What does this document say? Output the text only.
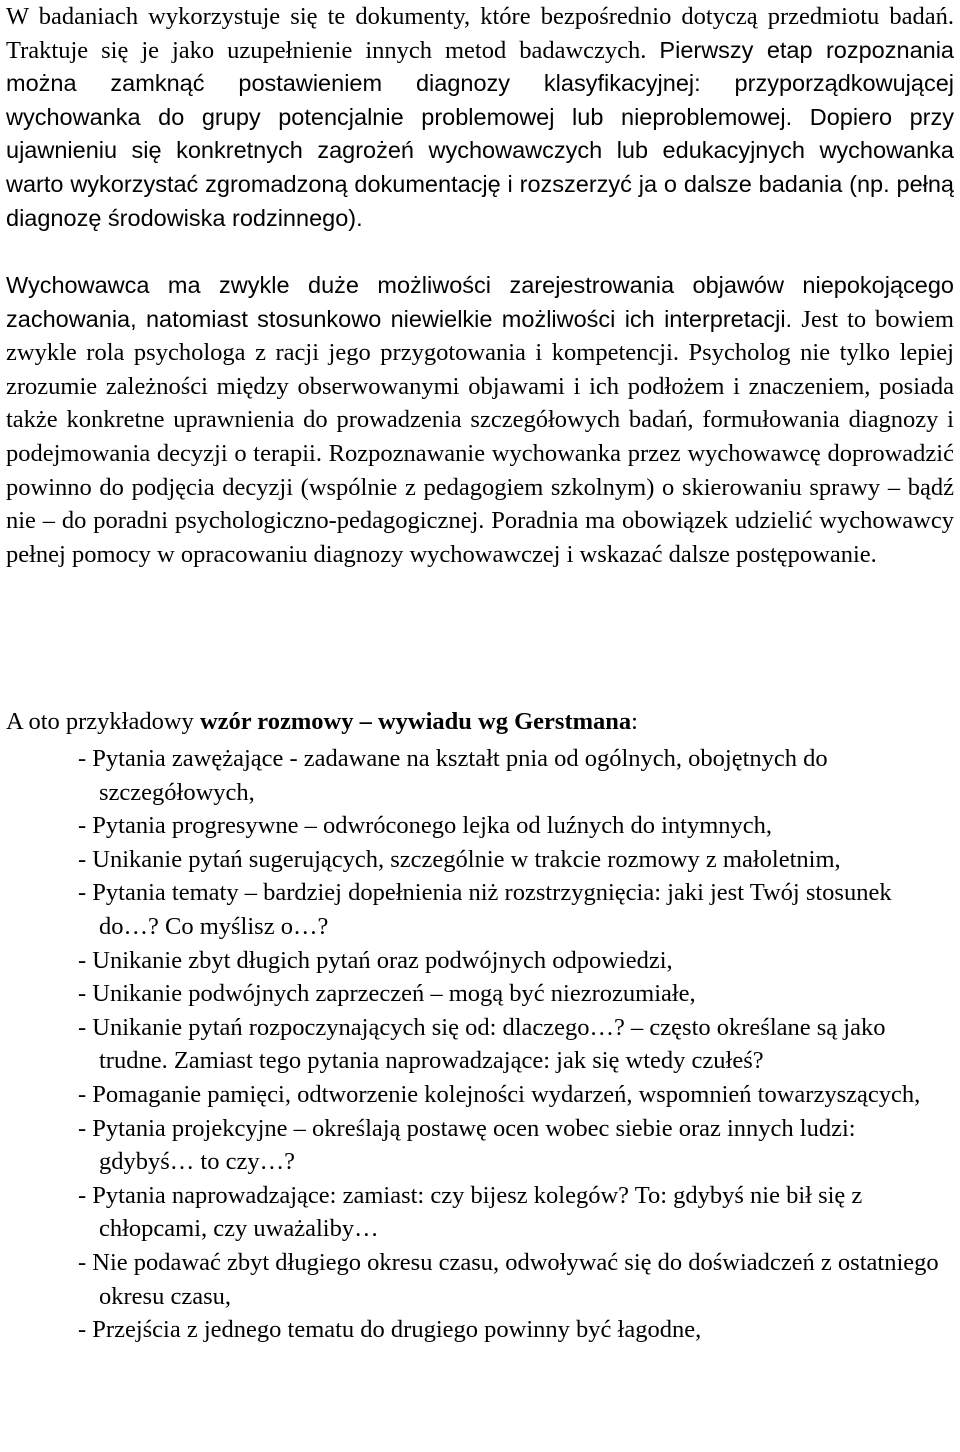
W badaniach wykorzystuje się te dokumenty, które bezpośrednio dotyczą przedmiotu badań. Traktuje się je jako uzupełnienie innych metod badawczych. Pierwszy etap rozpoznania można zamknąć postawieniem diagnozy klasyfikacyjnej: przyporządkowującej wychowanka do grupy potencjalnie problemowej lub nieproblemowej. Dopiero przy ujawnieniu się konkretnych zagrożeń wychowawczych lub edukacyjnych wychowanka warto wykorzystać zgromadzoną dokumentację i rozszerzyć ja o dalsze badania (np. pełną diagnozę środowiska rodzinnego).

Wychowawca ma zwykle duże możliwości zarejestrowania objawów niepokojącego zachowania, natomiast stosunkowo niewielkie możliwości ich interpretacji. Jest to bowiem zwykle rola psychologa z racji jego przygotowania i kompetencji. Psycholog nie tylko lepiej zrozumie zależności między obserwowanymi objawami i ich podłożem i znaczeniem, posiada także konkretne uprawnienia do prowadzenia szczegółowych badań, formułowania diagnozy i podejmowania decyzji o terapii. Rozpoznawanie wychowanka przez wychowawcę doprowadzić powinno do podjęcia decyzji (wspólnie z pedagogiem szkolnym) o skierowaniu sprawy – bądź nie – do poradni psychologiczno-pedagogicznej. Poradnia ma obowiązek udzielić wychowawcy pełnej pomocy w opracowaniu diagnozy wychowawczej i wskazać dalsze postępowanie.

A oto przykładowy wzór rozmowy – wywiadu wg Gerstmana:

- Pytania zawężające - zadawane na kształt pnia od ogólnych, obojętnych do szczegółowych,
- Pytania progresywne – odwróconego lejka od luźnych do intymnych,
- Unikanie pytań sugerujących, szczególnie w trakcie rozmowy z małoletnim,
- Pytania tematy – bardziej dopełnienia niż rozstrzygnięcia: jaki jest Twój stosunek do…? Co myślisz o…?
- Unikanie zbyt długich pytań oraz podwójnych odpowiedzi,
- Unikanie podwójnych zaprzeczeń – mogą być niezrozumiałe,
- Unikanie pytań rozpoczynających się od: dlaczego…? – często określane są jako trudne. Zamiast tego pytania naprowadzające: jak się wtedy czułeś?
- Pomaganie pamięci, odtworzenie kolejności wydarzeń, wspomnień towarzyszących,
- Pytania projekcyjne – określają postawę ocen wobec siebie oraz innych ludzi: gdybyś… to czy…?
- Pytania naprowadzające: zamiast: czy bijesz kolegów? To: gdybyś nie bił się z chłopcami, czy uważaliby…
- Nie podawać zbyt długiego okresu czasu, odwoływać się do doświadczeń z ostatniego okresu czasu,
- Przejścia z jednego tematu do drugiego powinny być łagodne,
